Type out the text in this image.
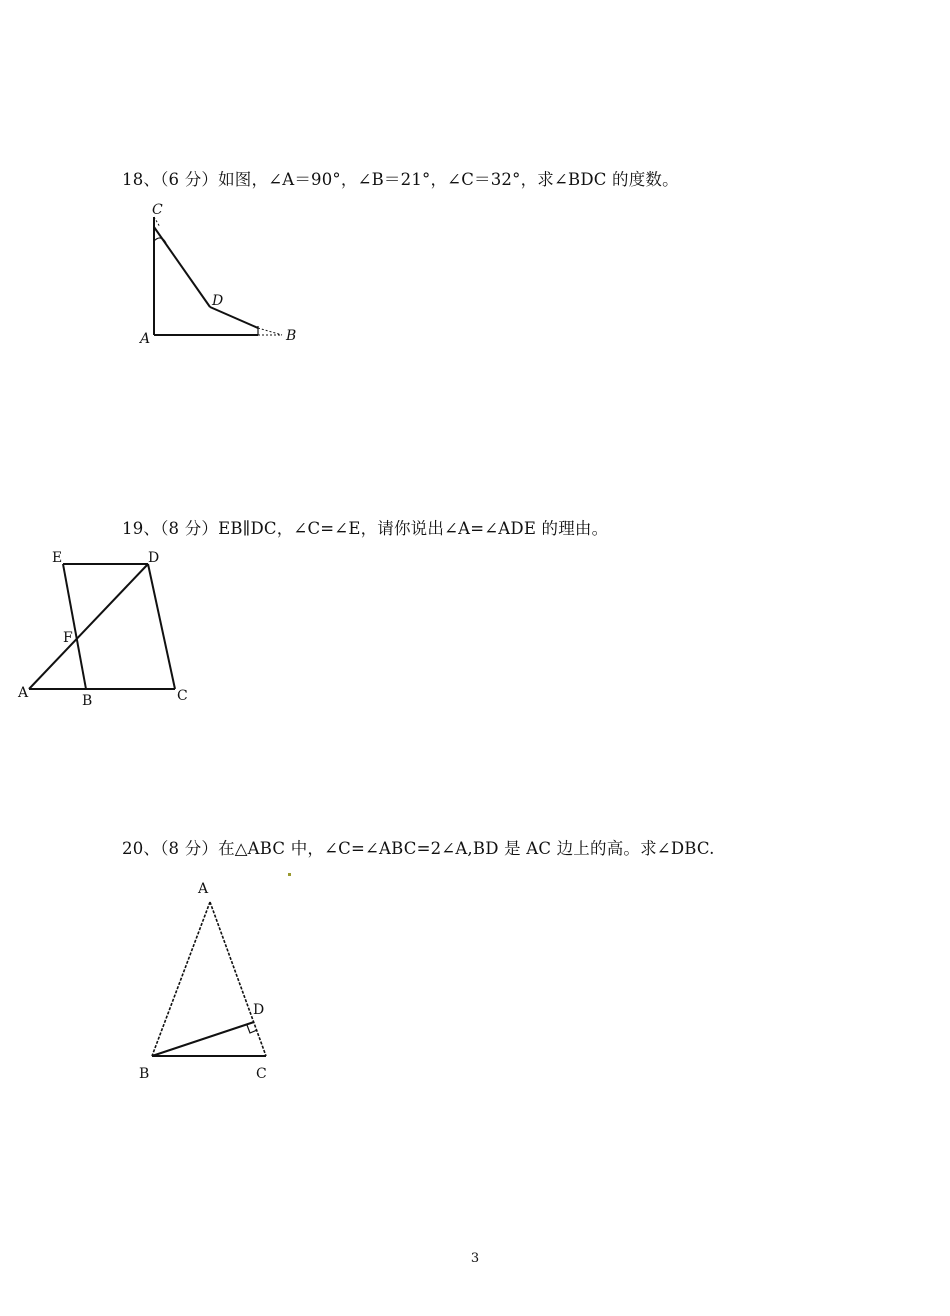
18、（6 分）如图，∠A＝90°，∠B＝21°，∠C＝32°，求∠BDC 的度数。
C
D
A	B
19、（8 分）EB∥DC，∠C=∠E，请你说出∠A=∠ADE 的理由。
E	D
F
A	B	C
20、（8 分）在△ABC 中，∠C=∠ABC=2∠A,BD 是 AC 边上的高。求∠DBC.
A
D
B	C
3
